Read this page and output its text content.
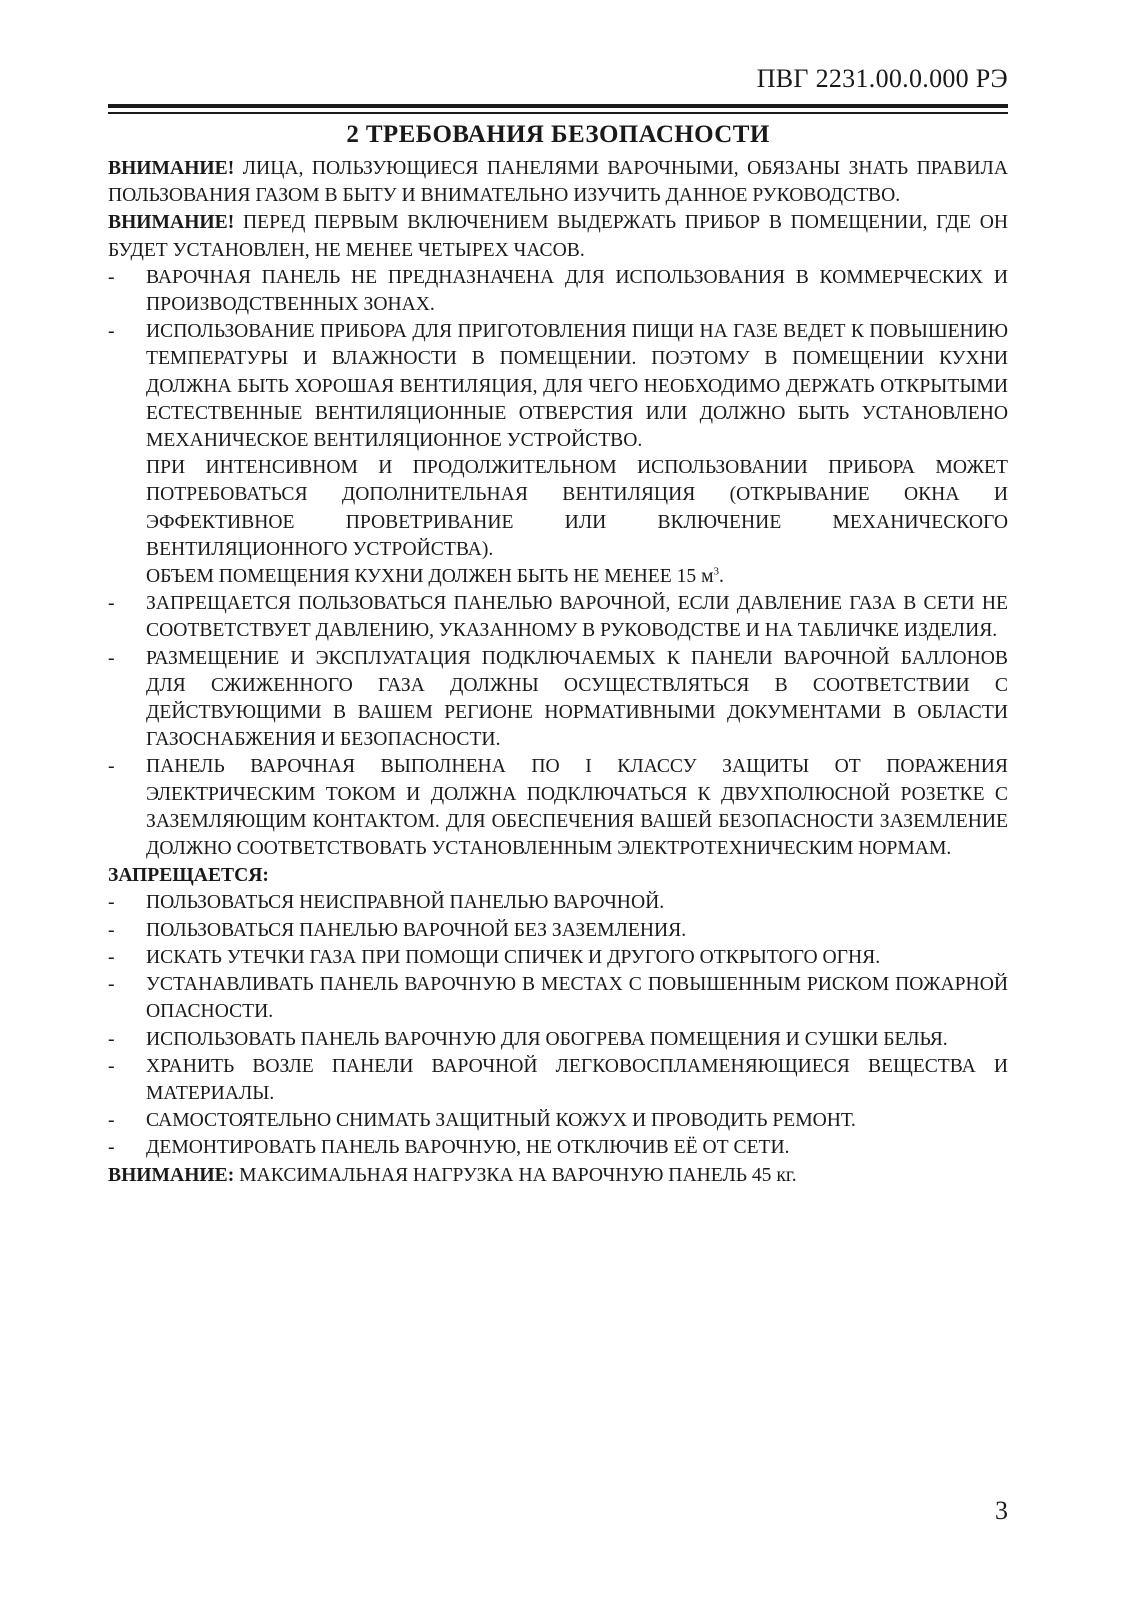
ПВГ 2231.00.0.000 РЭ
2 ТРЕБОВАНИЯ БЕЗОПАСНОСТИ

ВНИМАНИЕ! ЛИЦА, ПОЛЬЗУЮЩИЕСЯ ПАНЕЛЯМИ ВАРОЧНЫМИ, ОБЯЗАНЫ ЗНАТЬ ПРАВИЛА ПОЛЬЗОВАНИЯ ГАЗОМ В БЫТУ И ВНИМАТЕЛЬНО ИЗУЧИТЬ ДАННОЕ РУКОВОДСТВО.

ВНИМАНИЕ! ПЕРЕД ПЕРВЫМ ВКЛЮЧЕНИЕМ ВЫДЕРЖАТЬ ПРИБОР В ПОМЕЩЕНИИ, ГДЕ ОН БУДЕТ УСТАНОВЛЕН, НЕ МЕНЕЕ ЧЕТЫРЕХ ЧАСОВ.

- ВАРОЧНАЯ ПАНЕЛЬ НЕ ПРЕДНАЗНАЧЕНА ДЛЯ ИСПОЛЬЗОВАНИЯ В КОММЕРЧЕСКИХ И ПРОИЗВОДСТВЕННЫХ ЗОНАХ.
- ИСПОЛЬЗОВАНИЕ ПРИБОРА ДЛЯ ПРИГОТОВЛЕНИЯ ПИЩИ НА ГАЗЕ ВЕДЕТ К ПОВЫШЕНИЮ ТЕМПЕРАТУРЫ И ВЛАЖНОСТИ В ПОМЕЩЕНИИ. ПОЭТОМУ В ПОМЕЩЕНИИ КУХНИ ДОЛЖНА БЫТЬ ХОРОШАЯ ВЕНТИЛЯЦИЯ, ДЛЯ ЧЕГО НЕОБХОДИМО ДЕРЖАТЬ ОТКРЫТЫМИ ЕСТЕСТВЕННЫЕ ВЕНТИЛЯЦИОННЫЕ ОТВЕРСТИЯ ИЛИ ДОЛЖНО БЫТЬ УСТАНОВЛЕНО МЕХАНИЧЕСКОЕ ВЕНТИЛЯЦИОННОЕ УСТРОЙСТВО.
ПРИ ИНТЕНСИВНОМ И ПРОДОЛЖИТЕЛЬНОМ ИСПОЛЬЗОВАНИИ ПРИБОРА МОЖЕТ ПОТРЕБОВАТЬСЯ ДОПОЛНИТЕЛЬНАЯ ВЕНТИЛЯЦИЯ (ОТКРЫВАНИЕ ОКНА И ЭФФЕКТИВНОЕ ПРОВЕТРИВАНИЕ ИЛИ ВКЛЮЧЕНИЕ МЕХАНИЧЕСКОГО ВЕНТИЛЯЦИОННОГО УСТРОЙСТВА).
ОБЪЕМ ПОМЕЩЕНИЯ КУХНИ ДОЛЖЕН БЫТЬ НЕ МЕНЕЕ 15 $м^3$.
- ЗАПРЕЩАЕТСЯ ПОЛЬЗОВАТЬСЯ ПАНЕЛЬЮ ВАРОЧНОЙ, ЕСЛИ ДАВЛЕНИЕ ГАЗА В СЕТИ НЕ СООТВЕТСТВУЕТ ДАВЛЕНИЮ, УКАЗАННОМУ В РУКОВОДСТВЕ И НА ТАБЛИЧКЕ ИЗДЕЛИЯ.
- РАЗМЕЩЕНИЕ И ЭКСПЛУАТАЦИЯ ПОДКЛЮЧАЕМЫХ К ПАНЕЛИ ВАРОЧНОЙ БАЛЛОНОВ ДЛЯ СЖИЖЕННОГО ГАЗА ДОЛЖНЫ ОСУЩЕСТВЛЯТЬСЯ В СООТВЕТСТВИИ С ДЕЙСТВУЮЩИМИ В ВАШЕМ РЕГИОНЕ НОРМАТИВНЫМИ ДОКУМЕНТАМИ В ОБЛАСТИ ГАЗОСНАБЖЕНИЯ И БЕЗОПАСНОСТИ.
- ПАНЕЛЬ ВАРОЧНАЯ ВЫПОЛНЕНА ПО I КЛАССУ ЗАЩИТЫ ОТ ПОРАЖЕНИЯ ЭЛЕКТРИЧЕСКИМ ТОКОМ И ДОЛЖНА ПОДКЛЮЧАТЬСЯ К ДВУХПОЛЮСНОЙ РОЗЕТКЕ С ЗАЗЕМЛЯЮЩИМ КОНТАКТОМ. ДЛЯ ОБЕСПЕЧЕНИЯ ВАШЕЙ БЕЗОПАСНОСТИ ЗАЗЕМЛЕНИЕ ДОЛЖНО СООТВЕТСТВОВАТЬ УСТАНОВЛЕННЫМ ЭЛЕКТРОТЕХНИЧЕСКИМ НОРМАМ.
ЗАПРЕЩАЕТСЯ:
- ПОЛЬЗОВАТЬСЯ НЕИСПРАВНОЙ ПАНЕЛЬЮ ВАРОЧНОЙ.
- ПОЛЬЗОВАТЬСЯ ПАНЕЛЬЮ ВАРОЧНОЙ БЕЗ ЗАЗЕМЛЕНИЯ.
- ИСКАТЬ УТЕЧКИ ГАЗА ПРИ ПОМОЩИ СПИЧЕК И ДРУГОГО ОТКРЫТОГО ОГНЯ.
- УСТАНАВЛИВАТЬ ПАНЕЛЬ ВАРОЧНУЮ В МЕСТАХ С ПОВЫШЕННЫМ РИСКОМ ПОЖАРНОЙ ОПАСНОСТИ.
- ИСПОЛЬЗОВАТЬ ПАНЕЛЬ ВАРОЧНУЮ ДЛЯ ОБОГРЕВА ПОМЕЩЕНИЯ И СУШКИ БЕЛЬЯ.
- ХРАНИТЬ ВОЗЛЕ ПАНЕЛИ ВАРОЧНОЙ ЛЕГКОВОСПЛАМЕНЯЮЩИЕСЯ ВЕЩЕСТВА И МАТЕРИАЛЫ.
- САМОСТОЯТЕЛЬНО СНИМАТЬ ЗАЩИТНЫЙ КОЖУХ И ПРОВОДИТЬ РЕМОНТ.
- ДЕМОНТИРОВАТЬ ПАНЕЛЬ ВАРОЧНУЮ, НЕ ОТКЛЮЧИВ ЕЁ ОТ СЕТИ.

ВНИМАНИЕ: МАКСИМАЛЬНАЯ НАГРУЗКА НА ВАРОЧНУЮ ПАНЕЛЬ 45 кг.

3
